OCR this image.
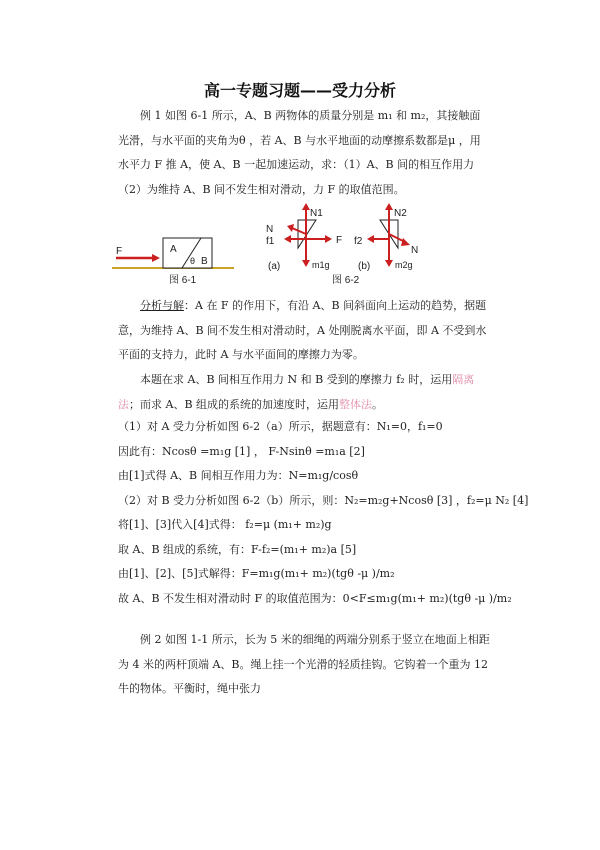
高一专题习题——受力分析
例 1 如图 6-1 所示，A、B 两物体的质量分别是 m₁ 和 m₂，其接触面光滑，与水平面的夹角为θ ，若 A、B 与水平地面的动摩擦系数都是μ ，用水平力 F 推 A，使 A、B 一起加速运动，求：（1）A、B 间的相互作用力 （2）为维持 A、B 间不发生相对滑动，力 F 的取值范围。
F	A
θ B
图 6-1
N1
N
f1	F
m1g
(a)
N2
f2
N
m2g
(b)
图 6-2
分析与解：A 在 F 的作用下，有沿 A、B 间斜面向上运动的趋势，据题意，为维持 A、B 间不发生相对滑动时，A 处刚脱离水平面，即 A 不受到水平面的支持力，此时 A 与水平面间的摩擦力为零。
本题在求 A、B 间相互作用力 N 和 B 受到的摩擦力 f₂ 时，运用隔离法；而求 A、B 组成的系统的加速度时，运用整体法。
（1）对 A 受力分析如图 6-2（a）所示，据题意有：N₁=0，f₁=0
因此有：Ncosθ =m₁g [1] ， F-Nsinθ =m₁a [2]
由[1]式得 A、B 间相互作用力为：N=m₁g/cosθ
（2）对 B 受力分析如图 6-2（b）所示，则：N₂=m₂g+Ncosθ [3] ，f₂=μ N₂ [4]
将[1]、[3]代入[4]式得： f₂=μ (m₁+ m₂)g
取 A、B 组成的系统，有：F-f₂=(m₁+ m₂)a [5]
由[1]、[2]、[5]式解得：F=m₁g(m₁+ m₂)(tgθ -μ )/m₂
故 A、B 不发生相对滑动时 F 的取值范围为：0<F≤m₁g(m₁+ m₂)(tgθ -μ )/m₂
例 2 如图 1-1 所示，长为 5 米的细绳的两端分别系于竖立在地面上相距为 4 米的两杆顶端 A、B。绳上挂一个光滑的轻质挂钩。它钩着一个重为 12 牛的物体。平衡时，绳中张力
